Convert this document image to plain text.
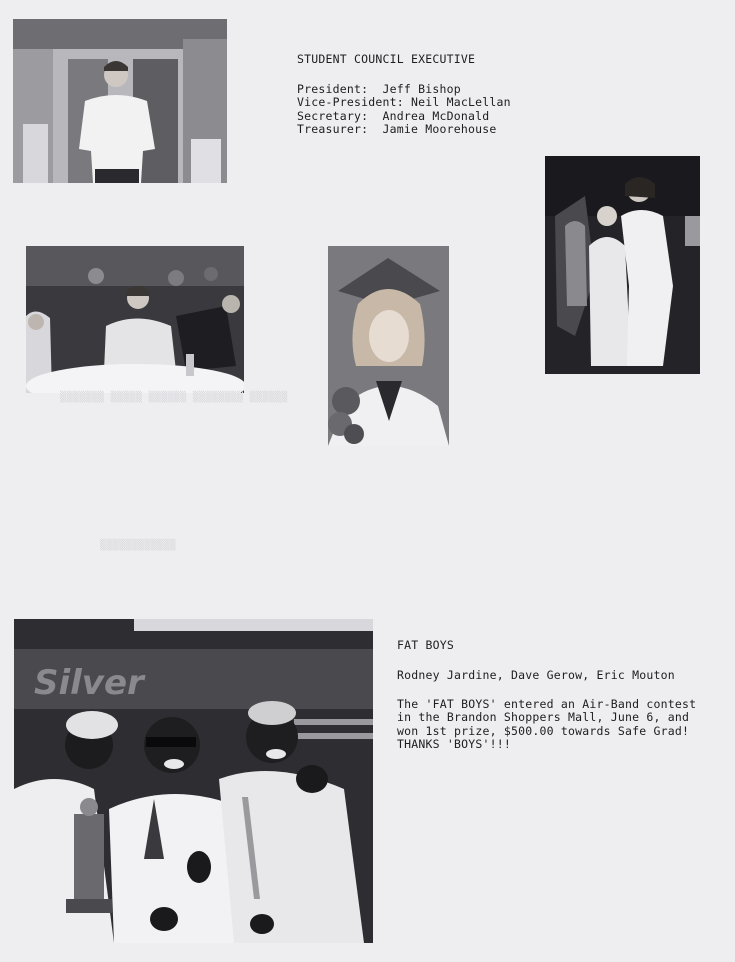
STUDENT COUNCIL EXECUTIVE
President:  Jeff Bishop
Vice-President: Neil MacLellan
Secretary:  Andrea McDonald
Treasurer:  Jamie Moorehouse
▒▒▒▒▒▒▒ ▒▒▒▒▒ ▒▒▒▒▒▒ ▒▒▒▒▒▒▒▒ ▒▒▒▒▒▒
▒▒▒▒▒▒▒▒▒▒▒▒
Silver
FAT BOYS
Rodney Jardine, Dave Gerow, Eric Mouton
The 'FAT BOYS' entered an Air-Band contest
in the Brandon Shoppers Mall, June 6, and
won 1st prize, $500.00 towards Safe Grad!
THANKS 'BOYS'!!!
